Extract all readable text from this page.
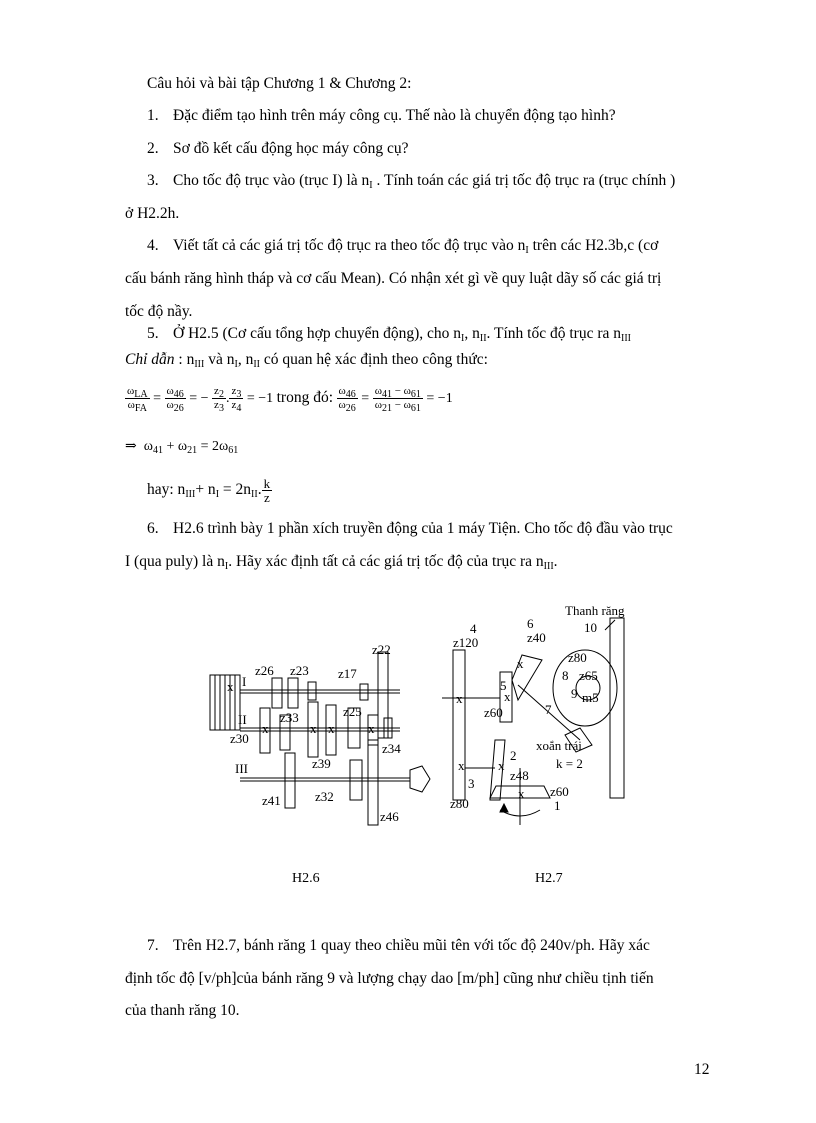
Câu hỏi và bài tập Chương 1 & Chương 2:
1. Đặc điểm tạo hình trên máy công cụ. Thế nào là chuyển động tạo hình?
2. Sơ đồ kết cấu động học máy công cụ?
3. Cho tốc độ trục vào (trục I) là $n_I$ . Tính toán các giá trị tốc độ trục ra (trục chính )
ở H2.2h.
4. Viết tất cả các giá trị tốc độ trục ra theo tốc độ trục vào $n_I$ trên các H2.3b,c (cơ
cấu bánh răng hình tháp và cơ cấu Mean). Có nhận xét gì về quy luật dãy số các giá trị
tốc độ nầy.
5. Ở H2.5 (Cơ cấu tổng hợp chuyển động), cho $n_I$, $n_{II}$. Tính tốc độ trục ra $n_{III}$
Chỉ dẫn : $n_{III}$ và $n_I$, $n_{II}$ có quan hệ xác định theo công thức:
$\frac{\omega_{LA}}{\omega_{FA}} = \frac{\omega_{46}}{\omega_{26}}$ = − $\frac{z_2}{z_3}$ . $\frac{z_3}{z_4} = -1$ trong đó: $\frac{\omega_{46}}{\omega_{26}} = \frac{\omega_{41} - \omega_{61}}{\omega_{21} - \omega_{61}} = -1$
⇒ $\omega_{41} + \omega_{21} = 2\omega_{61}$
hay: $n_{III}+ n_I = 2n_{II}$. $\frac{k}{z}$
6. H2.6 trình bày 1 phần xích truyền động của 1 máy Tiện. Cho tốc độ đầu vào trục
I (qua puly) là $n_I$. Hãy xác định tất cả các giá trị tốc độ của trục ra $n_{III}$.
x
x	x x	x
I
II
III
z26 z23 z17
z22
z33	z25
z30
z34
z39
z41	z32
z46
x	x
x
x	x
x
Thanh răng
4
z120
6
z40
10
z80
8 z65
9 m5
5
z60	7
xoắn trái
k = 2
2
z48
3
z60
1
z80
H2.6	H2.7
7. Trên H2.7, bánh răng 1 quay theo chiều mũi tên với tốc độ 240v/ph. Hãy xác
định tốc độ [v/ph]của bánh răng 9 và lượng chạy dao [m/ph] cũng như chiều tịnh tiến
của thanh răng 10.
12
